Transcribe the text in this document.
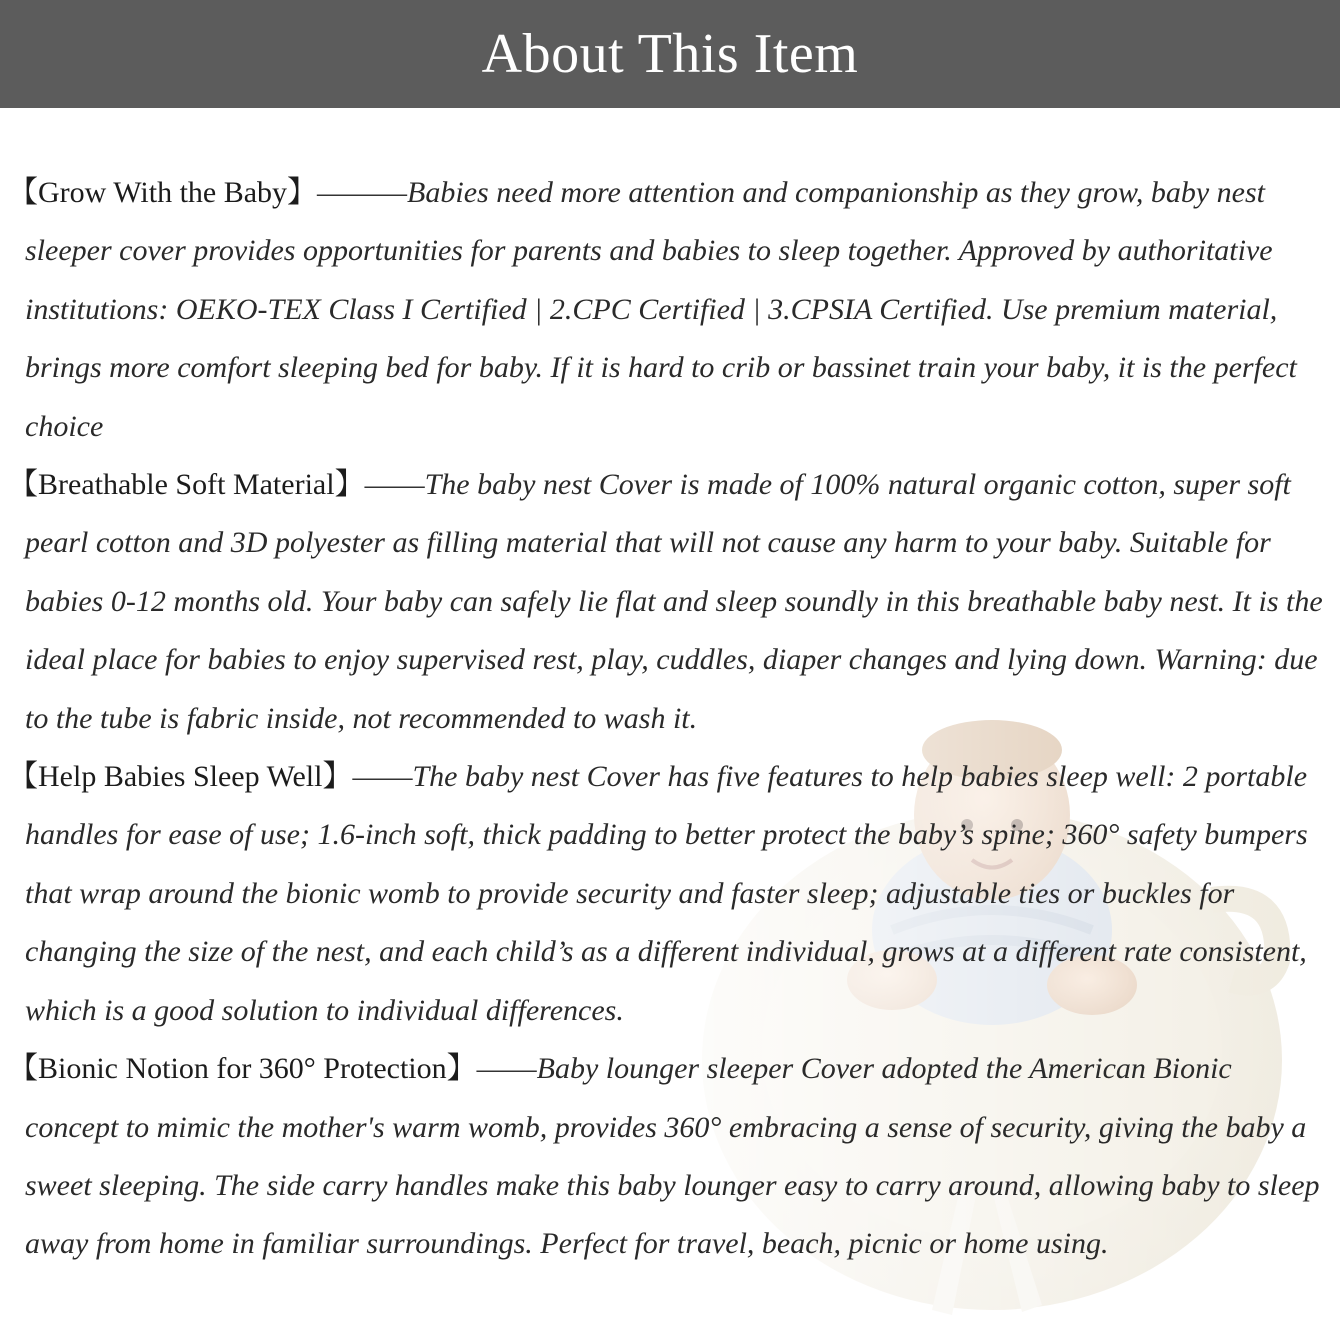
About This Item

【Grow With the Baby】———Babies need more attention and companionship as they grow, baby nest sleeper cover provides opportunities for parents and babies to sleep together. Approved by authoritative institutions: OEKO-TEX Class I Certified | 2.CPC Certified | 3.CPSIA Certified. Use premium material, brings more comfort sleeping bed for baby. If it is hard to crib or bassinet train your baby, it is the perfect choice

【Breathable Soft Material】——The baby nest Cover is made of 100% natural organic cotton, super soft pearl cotton and 3D polyester as filling material that will not cause any harm to your baby. Suitable for babies 0-12 months old. Your baby can safely lie flat and sleep soundly in this breathable baby nest. It is the ideal place for babies to enjoy supervised rest, play, cuddles, diaper changes and lying down. Warning: due to the tube is fabric inside, not recommended to wash it.

【Help Babies Sleep Well】——The baby nest Cover has five features to help babies sleep well: 2 portable handles for ease of use; 1.6-inch soft, thick padding to better protect the baby’s spine; 360° safety bumpers that wrap around the bionic womb to provide security and faster sleep; adjustable ties or buckles for changing the size of the nest, and each child’s as a different individual, grows at a different rate consistent, which is a good solution to individual differences.

【Bionic Notion for 360° Protection】——Baby lounger sleeper Cover adopted the American Bionic concept to mimic the mother's warm womb, provides 360° embracing a sense of security, giving the baby a sweet sleeping. The side carry handles make this baby lounger easy to carry around, allowing baby to sleep away from home in familiar surroundings. Perfect for travel, beach, picnic or home using.
